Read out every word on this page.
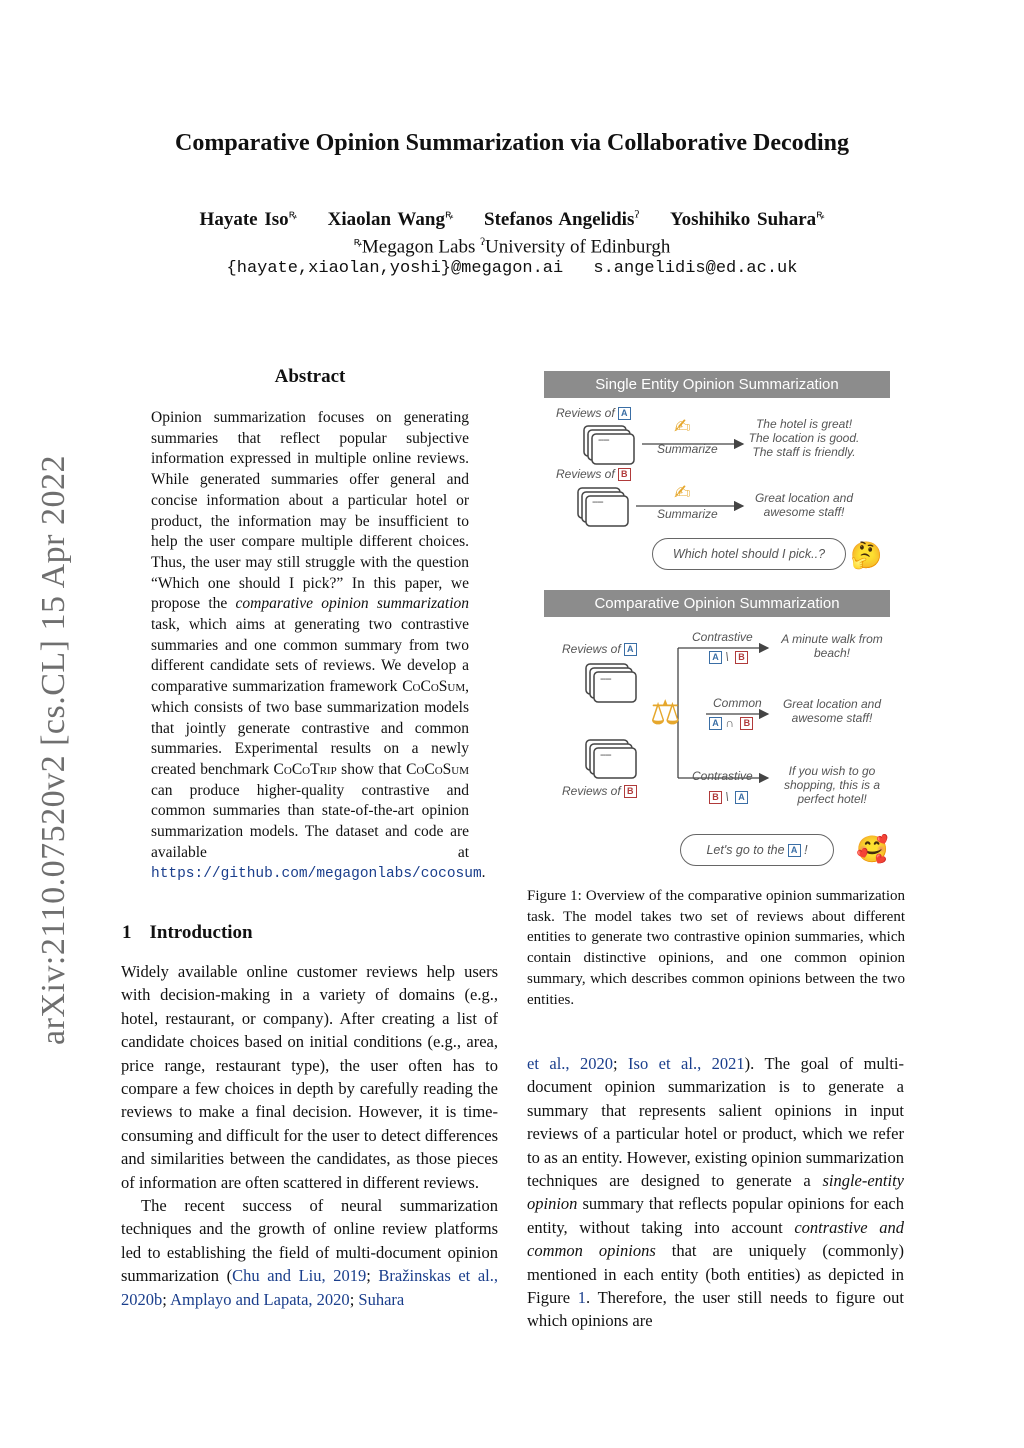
Comparative Opinion Summarization via Collaborative Decoding
Hayate Iso$^ꝶ$ Xiaolan Wang$^ꝶ$ Stefanos Angelidis$^ʔ$ Yoshihiko Suhara$^ꝶ$
$^ꝶ$Megagon Labs $^ʔ$University of Edinburgh
{hayate,xiaolan,yoshi}@megagon.ai s.angelidis@ed.ac.uk
arXiv:2110.07520v2 [cs.CL] 15 Apr 2022
Abstract
Opinion summarization focuses on generating summaries that reflect popular subjective information expressed in multiple online reviews. While generated summaries offer general and concise information about a particular hotel or product, the information may be insufficient to help the user compare multiple different choices. Thus, the user may still struggle with the question “Which one should I pick?” In this paper, we propose the comparative opinion summarization task, which aims at generating two contrastive summaries and one common summary from two different candidate sets of reviews. We develop a comparative summarization framework CoCoSum, which consists of two base summarization models that jointly generate contrastive and common summaries. Experimental results on a newly created benchmark CoCoTrip show that CoCoSum can produce higher-quality contrastive and common summaries than state-of-the-art opinion summarization models. The dataset and code are available at https://github.com/megagonlabs/cocosum.
1 Introduction

Widely available online customer reviews help users with decision-making in a variety of domains (e.g., hotel, restaurant, or company). After creating a list of candidate choices based on initial conditions (e.g., area, price range, restaurant type), the user often has to compare a few choices in depth by carefully reading the reviews to make a final decision. However, it is time-consuming and difficult for the user to detect differences and similarities between the candidates, as those pieces of information are often scattered in different reviews.

The recent success of neural summarization techniques and the growth of online review platforms led to establishing the field of multi-document opinion summarization (Chu and Liu, 2019; Bražinskas et al., 2020b; Amplayo and Lapata, 2020; Suhara

et al., 2020; Iso et al., 2021). The goal of multi-document opinion summarization is to generate a summary that represents salient opinions in input reviews of a particular hotel or product, which we refer to as an entity. However, existing opinion summarization techniques are designed to generate a single-entity opinion summary that reflects popular opinions for each entity, without taking into account contrastive and common opinions that are uniquely (commonly) mentioned in each entity (both entities) as depicted in Figure 1. Therefore, the user still needs to figure out which opinions are
Single Entity Opinion Summarization
Reviews of A
Reviews of B
----
----
✍
Summarize
✍
Summarize
The hotel is great! The location is good. The staff is friendly.
Great location and awesome staff!
Which hotel should I pick..? 🤔
Comparative Opinion Summarization
Reviews of A
Reviews of B
----
----
⚖
Contrastive
A \ B
Common
A ∩ B
Contrastive
B \ A
A minute walk from beach!
Great location and awesome staff!
If you wish to go shopping, this is a perfect hotel!
Let's go to the A !	🥰
Figure 1: Overview of the comparative opinion summarization task. The model takes two set of reviews about different entities to generate two contrastive opinion summaries, which contain distinctive opinions, and one common opinion summary, which describes common opinions between the two entities.
